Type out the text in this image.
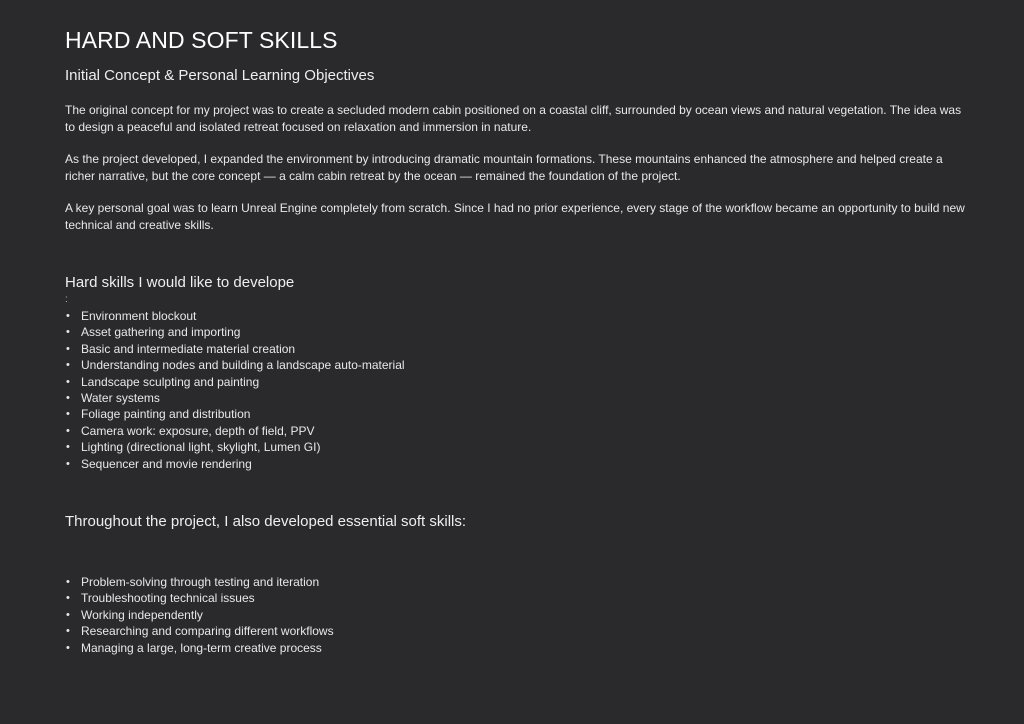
HARD AND SOFT SKILLS
Initial Concept & Personal Learning Objectives

The original concept for my project was to create a secluded modern cabin positioned on a coastal cliff, surrounded by ocean views and natural vegetation. The idea was to design a peaceful and isolated retreat focused on relaxation and immersion in nature.

As the project developed, I expanded the environment by introducing dramatic mountain formations. These mountains enhanced the atmosphere and helped create a richer narrative, but the core concept — a calm cabin retreat by the ocean — remained the foundation of the project.

A key personal goal was to learn Unreal Engine completely from scratch. Since I had no prior experience, every stage of the workflow became an opportunity to build new technical and creative skills.

Hard skills I would like to develope
:
• Environment blockout
• Asset gathering and importing
• Basic and intermediate material creation
• Understanding nodes and building a landscape auto-material
• Landscape sculpting and painting
• Water systems
• Foliage painting and distribution
• Camera work: exposure, depth of field, PPV
• Lighting (directional light, skylight, Lumen GI)
• Sequencer and movie rendering
Throughout the project, I also developed essential soft skills:
• Problem-solving through testing and iteration
• Troubleshooting technical issues
• Working independently
• Researching and comparing different workflows
• Managing a large, long-term creative process
